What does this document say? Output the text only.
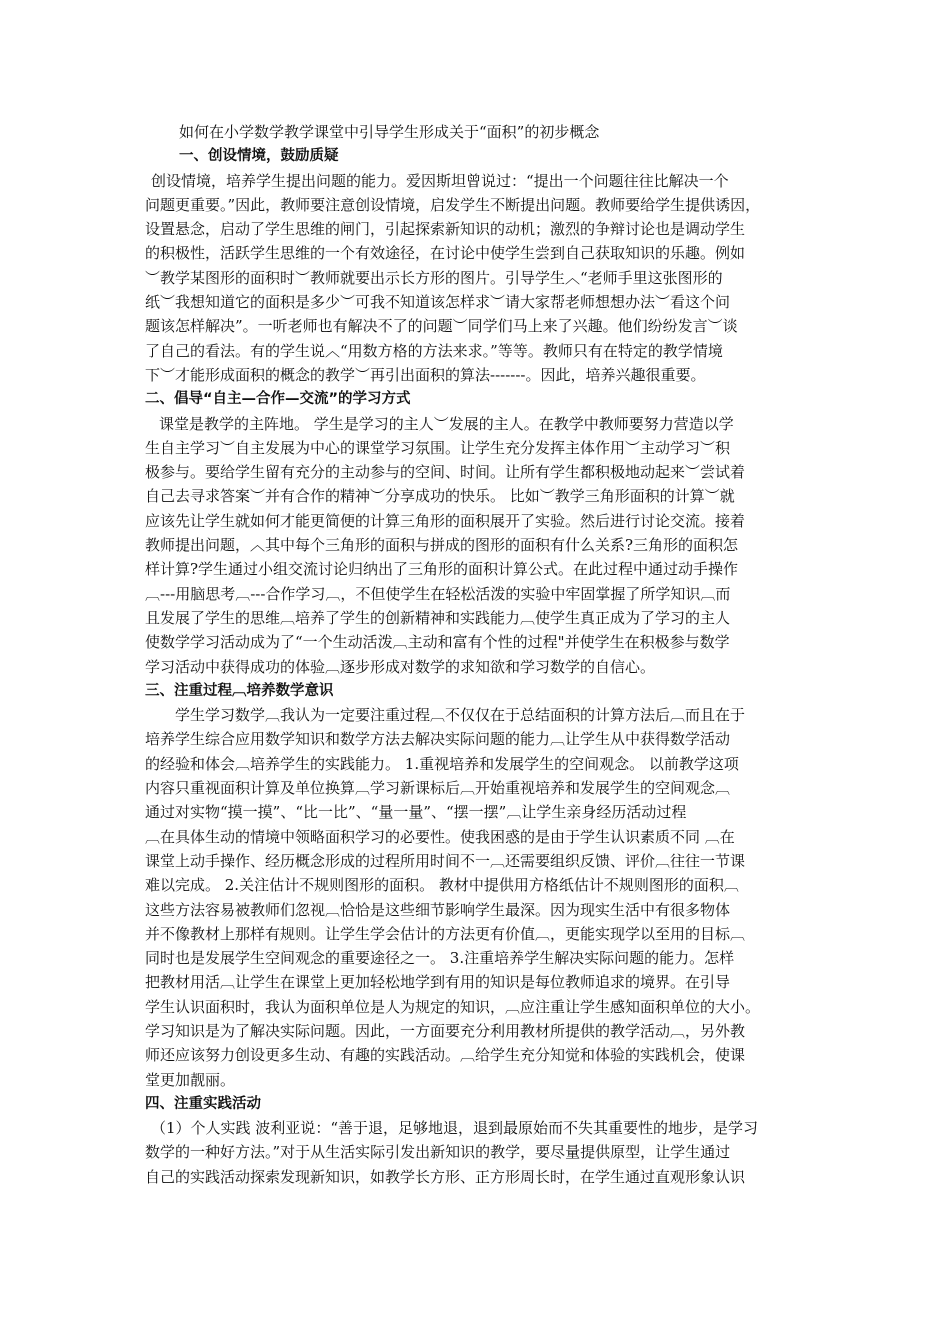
如何在小学数学教学课堂中引导学生形成关于“面积”的初步概念
一、创设情境，鼓励质疑
创设情境，培养学生提出问题的能力。爱因斯坦曾说过：“提出一个问题往往比解决一个
问题更重要。”因此，教师要注意创设情境，启发学生不断提出问题。教师要给学生提供诱因，
设置悬念，启动了学生思维的闸门，引起探索新知识的动机；激烈的争辩讨论也是调动学生
的积极性，活跃学生思维的一个有效途径，在讨论中使学生尝到自己获取知识的乐趣。例如
︶教学某图形的面积时︶教师就要出示长方形的图片。引导学生︿“老师手里这张图形的
纸︶我想知道它的面积是多少︶可我不知道该怎样求︶请大家帮老师想想办法︶看这个问
题该怎样解决”。一听老师也有解决不了的问题︶同学们马上来了兴趣。他们纷纷发言︶谈
了自己的看法。有的学生说︿“用数方格的方法来求。”等等。教师只有在特定的教学情境
下︶才能形成面积的概念的教学︶再引出面积的算法-------。因此，培养兴趣很重要。
二、倡导“自主—合作—交流”的学习方式
课堂是教学的主阵地。 学生是学习的主人︶发展的主人。在教学中教师要努力营造以学
生自主学习︶自主发展为中心的课堂学习氛围。让学生充分发挥主体作用︶主动学习︶积
极参与。要给学生留有充分的主动参与的空间、时间。让所有学生都积极地动起来︶尝试着
自己去寻求答案︶并有合作的精神︶分享成功的快乐。 比如︶教学三角形面积的计算︶就
应该先让学生就如何才能更简便的计算三角形的面积展开了实验。然后进行讨论交流。接着
教师提出问题，︿其中每个三角形的面积与拼成的图形的面积有什么关系?三角形的面积怎
样计算?学生通过小组交流讨论归纳出了三角形的面积计算公式。在此过程中通过动手操作
︹---用脑思考︹---合作学习︹，不但使学生在轻松活泼的实验中牢固掌握了所学知识︹而
且发展了学生的思维︹培养了学生的创新精神和实践能力︹使学生真正成为了学习的主人
使数学学习活动成为了“一个生动活泼︹主动和富有个性的过程"并使学生在积极参与数学
学习活动中获得成功的体验︹逐步形成对数学的求知欲和学习数学的自信心。
三、注重过程︹培养数学意识
学生学习数学︹我认为一定要注重过程︹不仅仅在于总结面积的计算方法后︹而且在于
培养学生综合应用数学知识和数学方法去解决实际问题的能力︹让学生从中获得数学活动
的经验和体会︹培养学生的实践能力。 1.重视培养和发展学生的空间观念。 以前教学这项
内容只重视面积计算及单位换算︹学习新课标后︹开始重视培养和发展学生的空间观念︹
通过对实物“摸一摸”、“比一比”、“量一量”、“摆一摆”︹让学生亲身经历活动过程
︹在具体生动的情境中领略面积学习的必要性。使我困惑的是由于学生认识素质不同 ︹在
课堂上动手操作、经历概念形成的过程所用时间不一︹还需要组织反馈、评价︹往往一节课
难以完成。 2.关注估计不规则图形的面积。 教材中提供用方格纸估计不规则图形的面积︹
这些方法容易被教师们忽视︹恰恰是这些细节影响学生最深。因为现实生活中有很多物体
并不像教材上那样有规则。让学生学会估计的方法更有价值︹，更能实现学以至用的目标︹
同时也是发展学生空间观念的重要途径之一。 3.注重培养学生解决实际问题的能力。怎样
把教材用活︹让学生在课堂上更加轻松地学到有用的知识是每位教师追求的境界。在引导
学生认识面积时，我认为面积单位是人为规定的知识，︹应注重让学生感知面积单位的大小。
学习知识是为了解决实际问题。因此，一方面要充分利用教材所提供的教学活动︹，另外教
师还应该努力创设更多生动、有趣的实践活动。︹给学生充分知觉和体验的实践机会，使课
堂更加靓丽。
四、注重实践活动
（1）个人实践 波利亚说：“善于退，足够地退，退到最原始而不失其重要性的地步，是学习
数学的一种好方法。”对于从生活实际引发出新知识的教学，要尽量提供原型，让学生通过
自己的实践活动探索发现新知识，如教学长方形、正方形周长时，在学生通过直观形象认识
